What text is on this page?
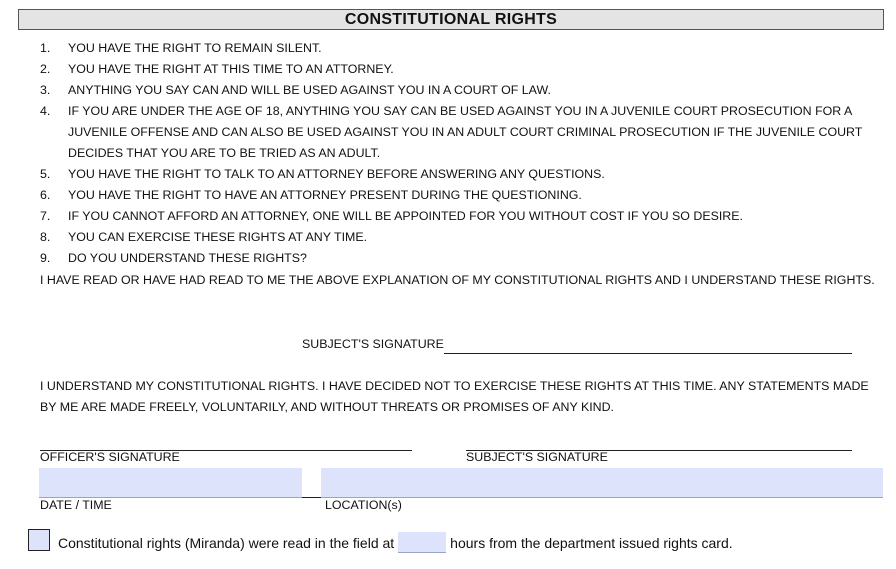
CONSTITUTIONAL RIGHTS
1. YOU HAVE THE RIGHT TO REMAIN SILENT.
2. YOU HAVE THE RIGHT AT THIS TIME TO AN ATTORNEY.
3. ANYTHING YOU SAY CAN AND WILL BE USED AGAINST YOU IN A COURT OF LAW.
4. IF YOU ARE UNDER THE AGE OF 18, ANYTHING YOU SAY CAN BE USED AGAINST YOU IN A JUVENILE COURT PROSECUTION FOR A JUVENILE OFFENSE AND CAN ALSO BE USED AGAINST YOU IN AN ADULT COURT CRIMINAL PROSECUTION IF THE JUVENILE COURT DECIDES THAT YOU ARE TO BE TRIED AS AN ADULT.
5. YOU HAVE THE RIGHT TO TALK TO AN ATTORNEY BEFORE ANSWERING ANY QUESTIONS.
6. YOU HAVE THE RIGHT TO HAVE AN ATTORNEY PRESENT DURING THE QUESTIONING.
7. IF YOU CANNOT AFFORD AN ATTORNEY, ONE WILL BE APPOINTED FOR YOU WITHOUT COST IF YOU SO DESIRE.
8. YOU CAN EXERCISE THESE RIGHTS AT ANY TIME.
9. DO YOU UNDERSTAND THESE RIGHTS?
I HAVE READ OR HAVE HAD READ TO ME THE ABOVE EXPLANATION OF MY CONSTITUTIONAL RIGHTS AND I UNDERSTAND THESE RIGHTS.
SUBJECT'S SIGNATURE
I UNDERSTAND MY CONSTITUTIONAL RIGHTS. I HAVE DECIDED NOT TO EXERCISE THESE RIGHTS AT THIS TIME. ANY STATEMENTS MADE BY ME ARE MADE FREELY, VOLUNTARILY, AND WITHOUT THREATS OR PROMISES OF ANY KIND.
OFFICER'S SIGNATURE	SUBJECT'S SIGNATURE
DATE / TIME	LOCATION(s)
Constitutional rights (Miranda) were read in the field at	hours from the department issued rights card.
